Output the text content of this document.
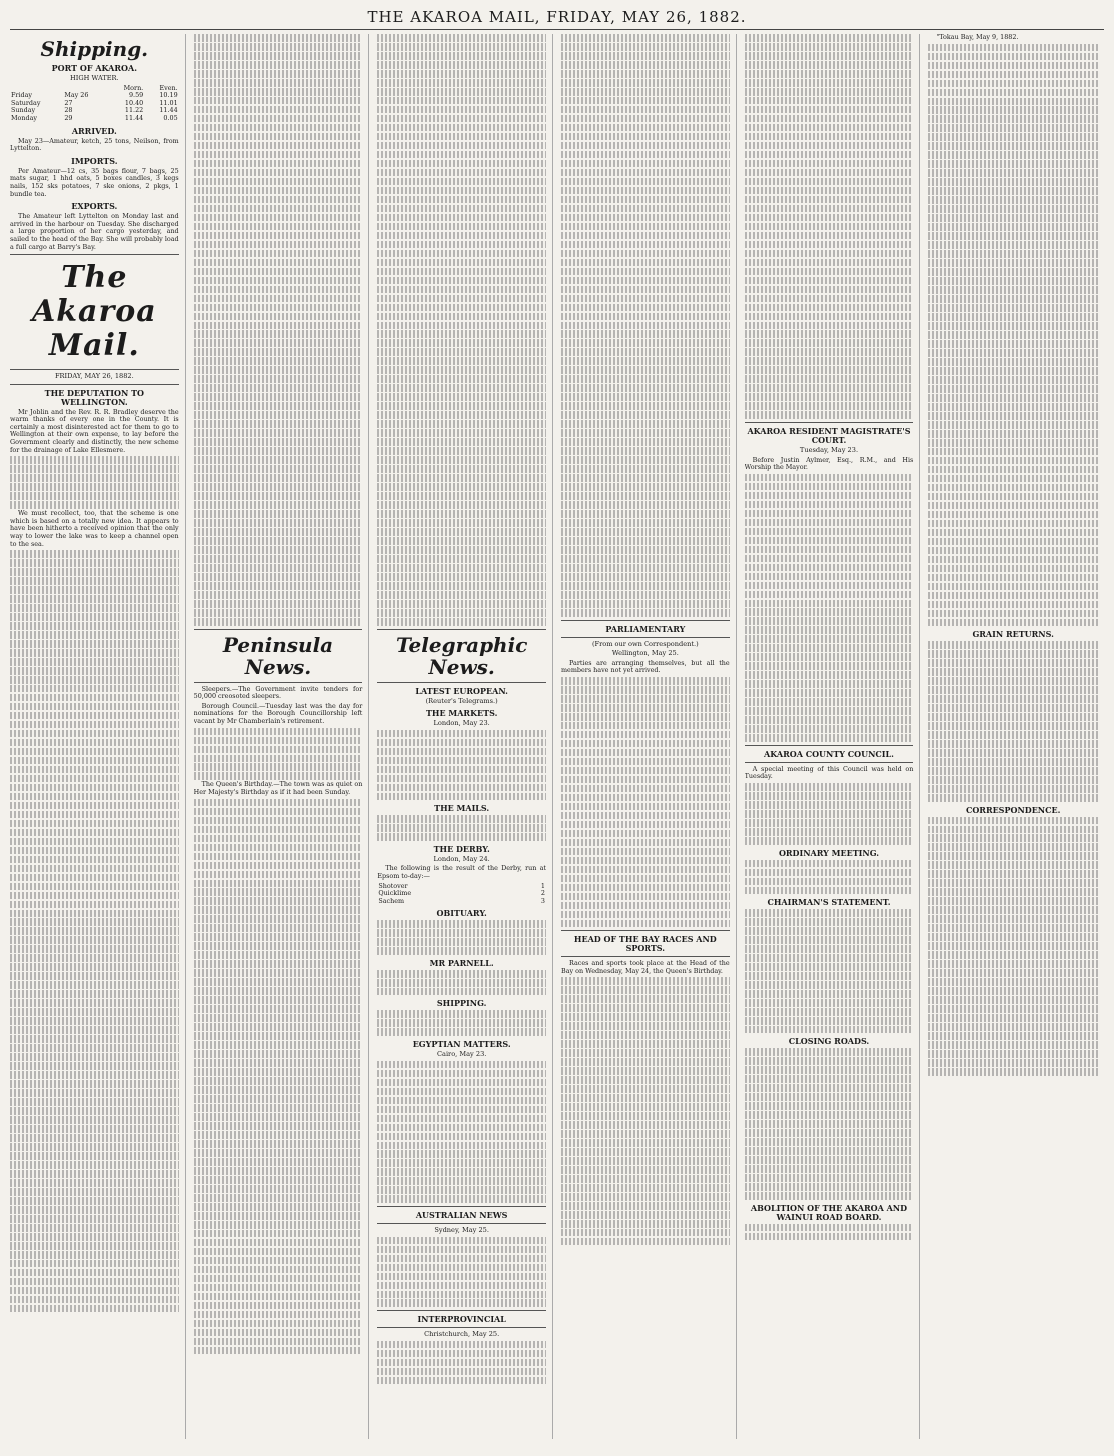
THE AKAROA MAIL, FRIDAY, MAY 26, 1882.
Shipping.
PORT OF AKAROA.
HIGH WATER.
		Morn.	Even.
Friday	May 26	9.59	10.19
Saturday	27	10.40	11.01
Sunday	28	11.22	11.44
Monday	29	11.44	0.05
ARRIVED.

May 23—Amateur, ketch, 25 tons, Neilson, from Lyttelton.

IMPORTS.

Per Amateur—12 cs, 35 bags flour, 7 bags, 25 mats sugar, 1 hhd oats, 5 boxes candles, 3 kegs nails, 152 sks potatoes, 7 ske onions, 2 pkgs, 1 bundle tea.

EXPORTS.

The Amateur left Lyttelton on Monday last and arrived in the harbour on Tuesday. She discharged a large proportion of her cargo yesterday, and sailed to the head of the Bay. She will probably load a full cargo at Barry's Bay.

The Akaroa Mail.
FRIDAY, MAY 26, 1882.
THE DEPUTATION TO WELLINGTON.

Mr Joblin and the Rev. R. R. Bradley deserve the warm thanks of every one in the County. It is certainly a most disinterested act for them to go to Wellington at their own expense, to lay before the Government clearly and distinctly, the new scheme for the drainage of Lake Ellesmere.

We must recollect, too, that the scheme is one which is based on a totally new idea. It appears to have been hitherto a received opinion that the only way to lower the lake was to keep a channel open to the sea.

Peninsula News.

Sleepers.—The Government invite tenders for 50,000 creosoted sleepers.

Borough Council.—Tuesday last was the day for nominations for the Borough Councillorship left vacant by Mr Chamberlain's retirement.

The Queen's Birthday.—The town was as quiet on Her Majesty's Birthday as if it had been Sunday.

Telegraphic News.
LATEST EUROPEAN.
(Reuter's Telegrams.)
THE MARKETS.
London, May 23.
THE MAILS.
THE DERBY.
London, May 24.

The following is the result of the Derby, run at Epsom to-day:—

Shotover	1
Quicklime	2
Sachem	3
OBITUARY.
MR PARNELL.
SHIPPING.
EGYPTIAN MATTERS.
Cairo, May 23.
AUSTRALIAN NEWS
Sydney, May 25.
INTERPROVINCIAL
Christchurch, May 25.
PARLIAMENTARY
(From our own Correspondent.)
Wellington, May 25.

Parties are arranging themselves, but all the members have not yet arrived.

HEAD OF THE BAY RACES AND SPORTS.

Races and sports took place at the Head of the Bay on Wednesday, May 24, the Queen's Birthday.

AKAROA RESIDENT MAGISTRATE'S COURT.
Tuesday, May 23.

Before Justin Aylmer, Esq., R.M., and His Worship the Mayor.

AKAROA COUNTY COUNCIL.

A special meeting of this Council was held on Tuesday.

ORDINARY MEETING.
CHAIRMAN'S STATEMENT.
CLOSING ROADS.
ABOLITION OF THE AKAROA AND WAINUI ROAD BOARD.

"Tokau Bay, May 9, 1882.

GRAIN RETURNS.
CORRESPONDENCE.
